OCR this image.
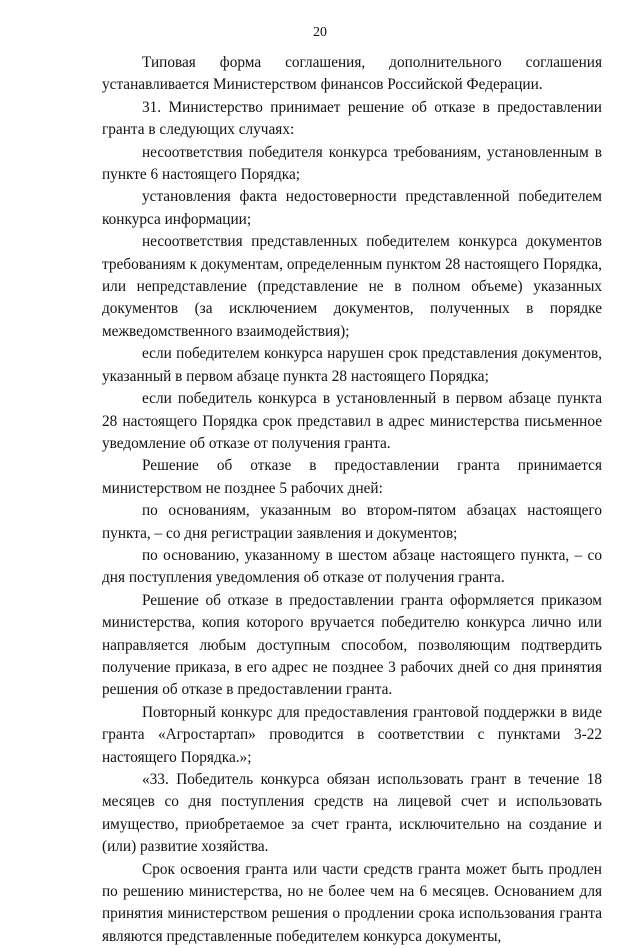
20

Типовая форма соглашения, дополнительного соглашения устанавливается Министерством финансов Российской Федерации.

31. Министерство принимает решение об отказе в предоставлении гранта в следующих случаях:

несоответствия победителя конкурса требованиям, установленным в пункте 6 настоящего Порядка;

установления факта недостоверности представленной победителем конкурса информации;

несоответствия представленных победителем конкурса документов требованиям к документам, определенным пунктом 28 настоящего Порядка, или непредставление (представление не в полном объеме) указанных документов (за исключением документов, полученных в порядке межведомственного взаимодействия);

если победителем конкурса нарушен срок представления документов, указанный в первом абзаце пункта 28 настоящего Порядка;

если победитель конкурса в установленный в первом абзаце пункта 28 настоящего Порядка срок представил в адрес министерства письменное уведомление об отказе от получения гранта.

Решение об отказе в предоставлении гранта принимается министерством не позднее 5 рабочих дней:

по основаниям, указанным во втором-пятом абзацах настоящего пункта, – со дня регистрации заявления и документов;

по основанию, указанному в шестом абзаце настоящего пункта, – со дня поступления уведомления об отказе от получения гранта.

Решение об отказе в предоставлении гранта оформляется приказом министерства, копия которого вручается победителю конкурса лично или направляется любым доступным способом, позволяющим подтвердить получение приказа, в его адрес не позднее 3 рабочих дней со дня принятия решения об отказе в предоставлении гранта.

Повторный конкурс для предоставления грантовой поддержки в виде гранта «Агростартап» проводится в соответствии с пунктами 3-22 настоящего Порядка.»;

«33. Победитель конкурса обязан использовать грант в течение 18 месяцев со дня поступления средств на лицевой счет и использовать имущество, приобретаемое за счет гранта, исключительно на создание и (или) развитие хозяйства.

Срок освоения гранта или части средств гранта может быть продлен по решению министерства, но не более чем на 6 месяцев. Основанием для принятия министерством решения о продлении срока использования гранта являются представленные победителем конкурса документы,
